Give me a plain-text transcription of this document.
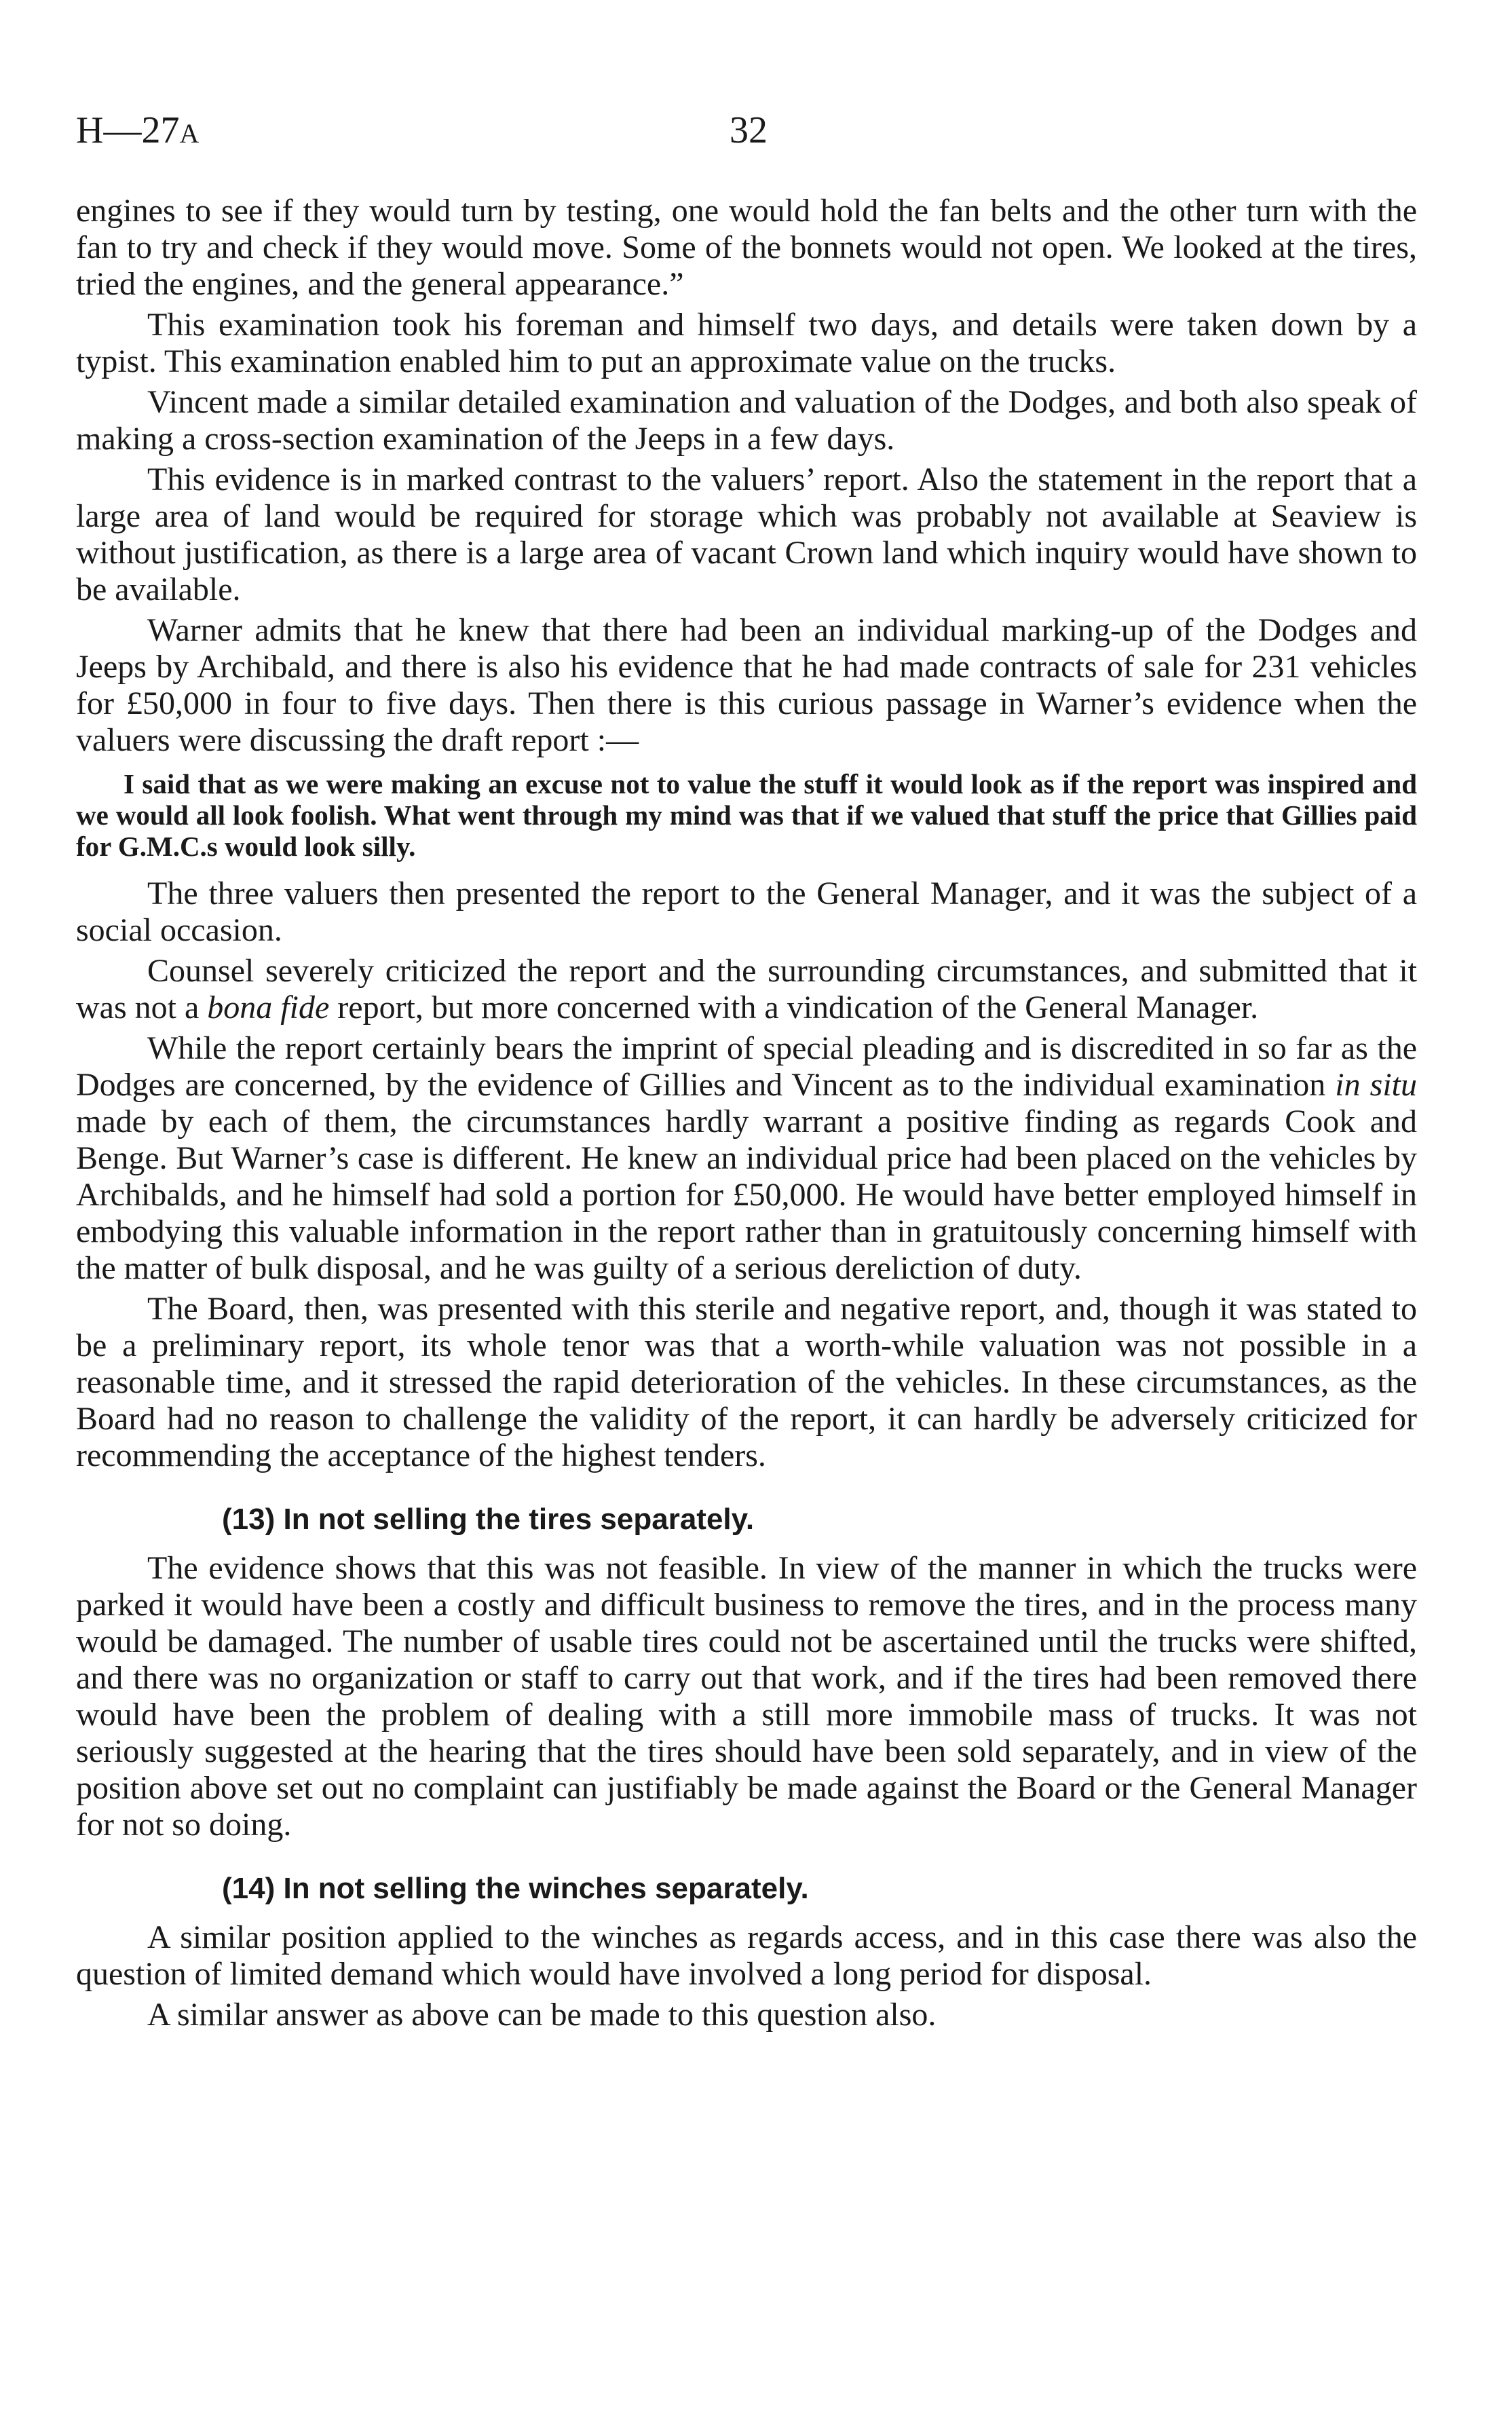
H—27A	32

engines to see if they would turn by testing, one would hold the fan belts and the other turn with the fan to try and check if they would move. Some of the bonnets would not open. We looked at the tires, tried the engines, and the general appearance.”

This examination took his foreman and himself two days, and details were taken down by a typist. This examination enabled him to put an approximate value on the trucks.

Vincent made a similar detailed examination and valuation of the Dodges, and both also speak of making a cross-section examination of the Jeeps in a few days.

This evidence is in marked contrast to the valuers’ report. Also the statement in the report that a large area of land would be required for storage which was probably not available at Seaview is without justification, as there is a large area of vacant Crown land which inquiry would have shown to be available.

Warner admits that he knew that there had been an individual marking-up of the Dodges and Jeeps by Archibald, and there is also his evidence that he had made contracts of sale for 231 vehicles for £50,000 in four to five days. Then there is this curious passage in Warner’s evidence when the valuers were discussing the draft report :—

I said that as we were making an excuse not to value the stuff it would look as if the report was inspired and we would all look foolish. What went through my mind was that if we valued that stuff the price that Gillies paid for G.M.C.s would look silly.

The three valuers then presented the report to the General Manager, and it was the subject of a social occasion.

Counsel severely criticized the report and the surrounding circumstances, and submitted that it was not a bona fide report, but more concerned with a vindication of the General Manager.

While the report certainly bears the imprint of special pleading and is discredited in so far as the Dodges are concerned, by the evidence of Gillies and Vincent as to the individual examination in situ made by each of them, the circumstances hardly warrant a positive finding as regards Cook and Benge. But Warner’s case is different. He knew an individual price had been placed on the vehicles by Archibalds, and he himself had sold a portion for £50,000. He would have better employed himself in embodying this valuable information in the report rather than in gratuitously concerning himself with the matter of bulk disposal, and he was guilty of a serious dereliction of duty.

The Board, then, was presented with this sterile and negative report, and, though it was stated to be a preliminary report, its whole tenor was that a worth-while valuation was not possible in a reasonable time, and it stressed the rapid deterioration of the vehicles. In these circumstances, as the Board had no reason to challenge the validity of the report, it can hardly be adversely criticized for recommending the acceptance of the highest tenders.

(13) In not selling the tires separately.

The evidence shows that this was not feasible. In view of the manner in which the trucks were parked it would have been a costly and difficult business to remove the tires, and in the process many would be damaged. The number of usable tires could not be ascertained until the trucks were shifted, and there was no organization or staff to carry out that work, and if the tires had been removed there would have been the problem of dealing with a still more immobile mass of trucks. It was not seriously suggested at the hearing that the tires should have been sold separately, and in view of the position above set out no complaint can justifiably be made against the Board or the General Manager for not so doing.

(14) In not selling the winches separately.

A similar position applied to the winches as regards access, and in this case there was also the question of limited demand which would have involved a long period for disposal.

A similar answer as above can be made to this question also.
